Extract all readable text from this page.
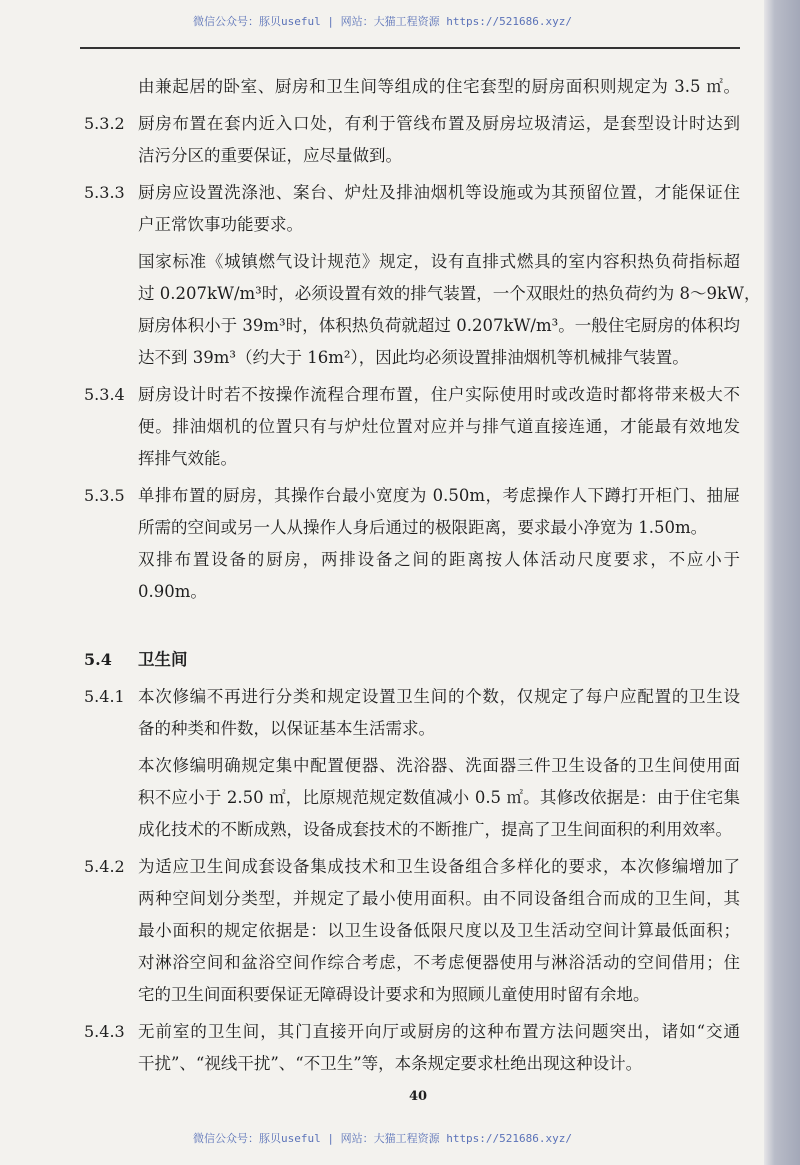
微信公众号：豚贝useful | 网站：大猫工程资源 https://521686.xyz/
由兼起居的卧室、厨房和卫生间等组成的住宅套型的厨房面积则规定为 3.5 ㎡。
5.3.2 厨房布置在套内近入口处，有利于管线布置及厨房垃圾清运，是套型设计时达到
洁污分区的重要保证，应尽量做到。
5.3.3 厨房应设置洗涤池、案台、炉灶及排油烟机等设施或为其预留位置，才能保证住
户正常饮事功能要求。
国家标准《城镇燃气设计规范》规定，设有直排式燃具的室内容积热负荷指标超
过 0.207kW/m³时，必须设置有效的排气装置，一个双眼灶的热负荷约为 8～9kW，
厨房体积小于 39m³时，体积热负荷就超过 0.207kW/m³。一般住宅厨房的体积均
达不到 39m³（约大于 16m²），因此均必须设置排油烟机等机械排气装置。
5.3.4 厨房设计时若不按操作流程合理布置，住户实际使用时或改造时都将带来极大不
便。排油烟机的位置只有与炉灶位置对应并与排气道直接连通，才能最有效地发
挥排气效能。
5.3.5 单排布置的厨房，其操作台最小宽度为 0.50m，考虑操作人下蹲打开柜门、抽屉
所需的空间或另一人从操作人身后通过的极限距离，要求最小净宽为 1.50m。
双排布置设备的厨房，两排设备之间的距离按人体活动尺度要求，不应小于
0.90m。
5.4 卫生间
5.4.1 本次修编不再进行分类和规定设置卫生间的个数，仅规定了每户应配置的卫生设
备的种类和件数，以保证基本生活需求。
本次修编明确规定集中配置便器、洗浴器、洗面器三件卫生设备的卫生间使用面
积不应小于 2.50 ㎡，比原规范规定数值减小 0.5 ㎡。其修改依据是：由于住宅集
成化技术的不断成熟，设备成套技术的不断推广，提高了卫生间面积的利用效率。
5.4.2 为适应卫生间成套设备集成技术和卫生设备组合多样化的要求，本次修编增加了
两种空间划分类型，并规定了最小使用面积。由不同设备组合而成的卫生间，其
最小面积的规定依据是：以卫生设备低限尺度以及卫生活动空间计算最低面积；
对淋浴空间和盆浴空间作综合考虑，不考虑便器使用与淋浴活动的空间借用；住
宅的卫生间面积要保证无障碍设计要求和为照顾儿童使用时留有余地。
5.4.3 无前室的卫生间，其门直接开向厅或厨房的这种布置方法问题突出，诸如“交通
干扰”、“视线干扰”、“不卫生”等，本条规定要求杜绝出现这种设计。
40
微信公众号：豚贝useful | 网站：大猫工程资源 https://521686.xyz/
